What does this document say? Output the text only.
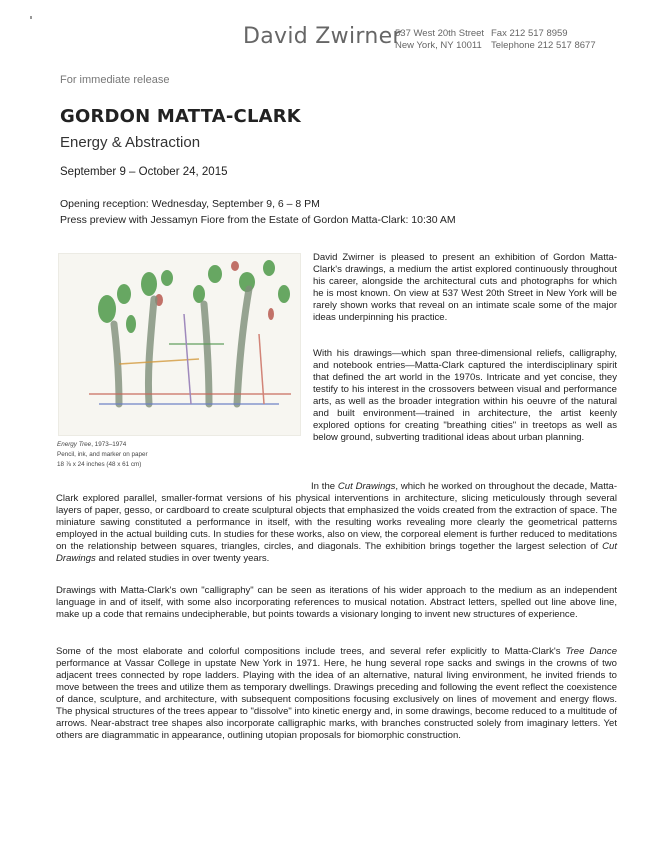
David Zwirner
537 West 20th Street
New York, NY 10011
Fax 212 517 8959
Telephone 212 517 8677
For immediate release
GORDON MATTA-CLARK
Energy & Abstraction
September 9 – October 24, 2015
Opening reception: Wednesday, September 9, 6 – 8 PM
Press preview with Jessamyn Fiore from the Estate of Gordon Matta-Clark: 10:30 AM
Energy Tree, 1973–1974
Pencil, ink, and marker on paper
18 ⅞ x 24 inches (48 x 61 cm)
David Zwirner is pleased to present an exhibition of Gordon Matta-Clark's drawings, a medium the artist explored continuously throughout his career, alongside the architectural cuts and photographs for which he is most known. On view at 537 West 20th Street in New York will be rarely shown works that reveal on an intimate scale some of the major ideas underpinning his practice.
With his drawings—which span three-dimensional reliefs, calligraphy, and notebook entries—Matta-Clark captured the interdisciplinary spirit that defined the art world in the 1970s. Intricate and yet concise, they testify to his interest in the crossovers between visual and performance arts, as well as the broader integration within his oeuvre of the natural and built environment—trained in architecture, the artist keenly explored options for creating "breathing cities" in treetops as well as below ground, subverting traditional ideas about urban planning.
In the Cut Drawings, which he worked on throughout the decade, Matta-Clark explored parallel, smaller-format versions of his physical interventions in architecture, slicing meticulously through several layers of paper, gesso, or cardboard to create sculptural objects that emphasized the voids created from the extraction of space. The miniature sawing constituted a performance in itself, with the resulting works revealing more clearly the geometrical patterns employed in the actual building cuts. In studies for these works, also on view, the corporeal element is further reduced to meditations on the relationship between squares, triangles, circles, and diagonals. The exhibition brings together the largest selection of Cut Drawings and related studies in over twenty years.
Drawings with Matta-Clark's own "calligraphy" can be seen as iterations of his wider approach to the medium as an independent language in and of itself, with some also incorporating references to musical notation. Abstract letters, spelled out line above line, make up a code that remains undecipherable, but points towards a visionary longing to invent new structures of experience.
Some of the most elaborate and colorful compositions include trees, and several refer explicitly to Matta-Clark's Tree Dance performance at Vassar College in upstate New York in 1971. Here, he hung several rope sacks and swings in the crowns of two adjacent trees connected by rope ladders. Playing with the idea of an alternative, natural living environment, he invited friends to move between the trees and utilize them as temporary dwellings. Drawings preceding and following the event reflect the coexistence of dance, sculpture, and architecture, with subsequent compositions focusing exclusively on lines of movement and energy flows. The physical structures of the trees appear to "dissolve" into kinetic energy and, in some drawings, become reduced to a multitude of arrows. Near-abstract tree shapes also incorporate calligraphic marks, with branches constructed solely from imaginary letters. Yet others are diagrammatic in appearance, outlining utopian proposals for biomorphic construction.
